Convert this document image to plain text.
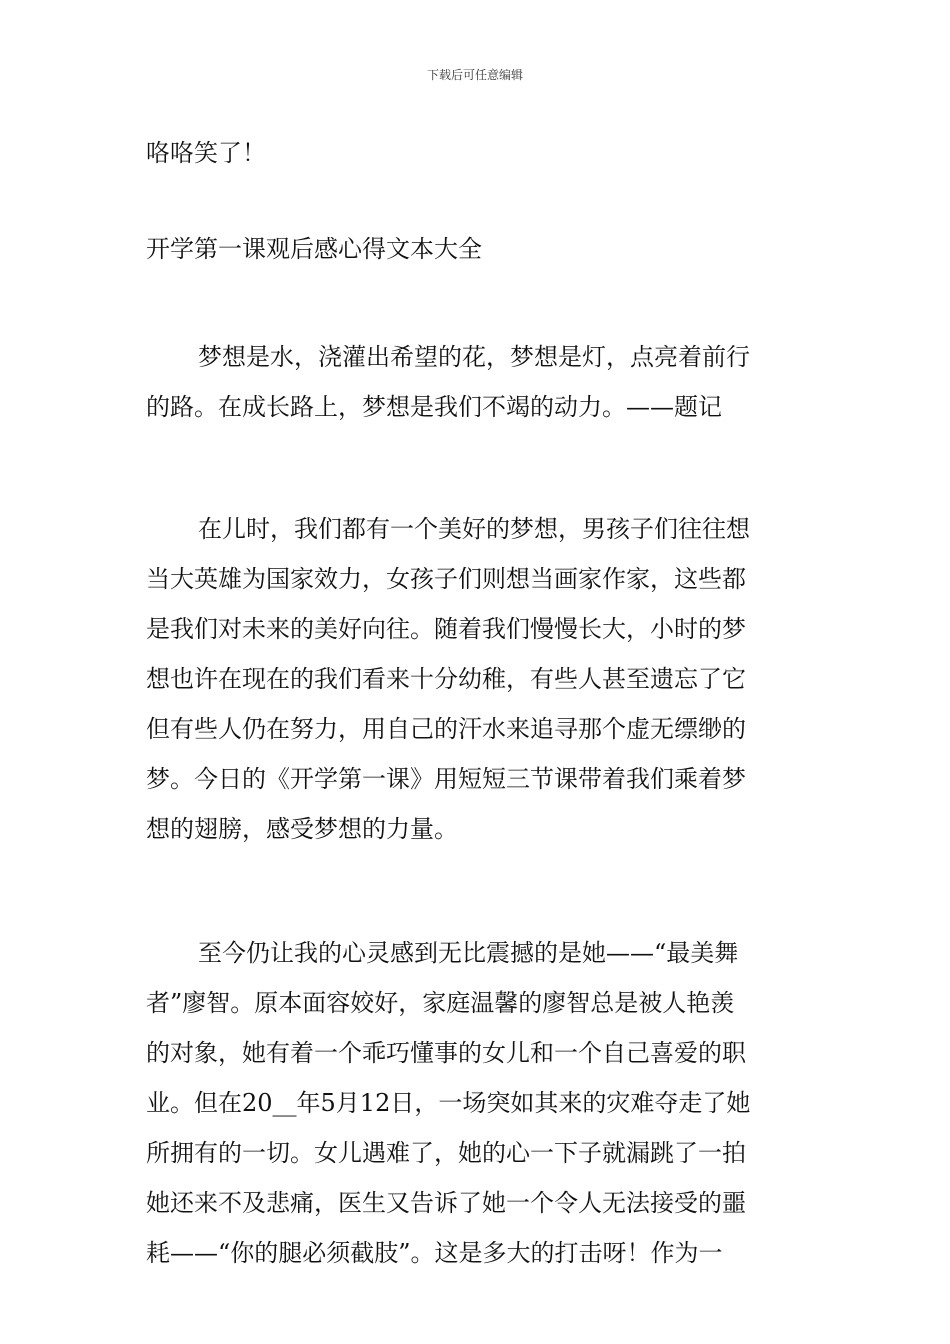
下载后可任意编辑
咯咯笑了！
开学第一课观后感心得文本大全
梦想是水，浇灌出希望的花，梦想是灯，点亮着前行
的路。在成长路上，梦想是我们不竭的动力。——题记
在儿时，我们都有一个美好的梦想，男孩子们往往想
当大英雄为国家效力，女孩子们则想当画家作家，这些都
是我们对未来的美好向往。随着我们慢慢长大，小时的梦
想也许在现在的我们看来十分幼稚，有些人甚至遗忘了它
但有些人仍在努力，用自己的汗水来追寻那个虚无缥缈的
梦。今日的《开学第一课》用短短三节课带着我们乘着梦
想的翅膀，感受梦想的力量。
至今仍让我的心灵感到无比震撼的是她——“最美舞
者”廖智。原本面容姣好，家庭温馨的廖智总是被人艳羡
的对象，她有着一个乖巧懂事的女儿和一个自己喜爱的职
业。但在20__年5月12日，一场突如其来的灾难夺走了她
所拥有的一切。女儿遇难了，她的心一下子就漏跳了一拍
她还来不及悲痛，医生又告诉了她一个令人无法接受的噩
耗——“你的腿必须截肢”。这是多大的打击呀！作为一
